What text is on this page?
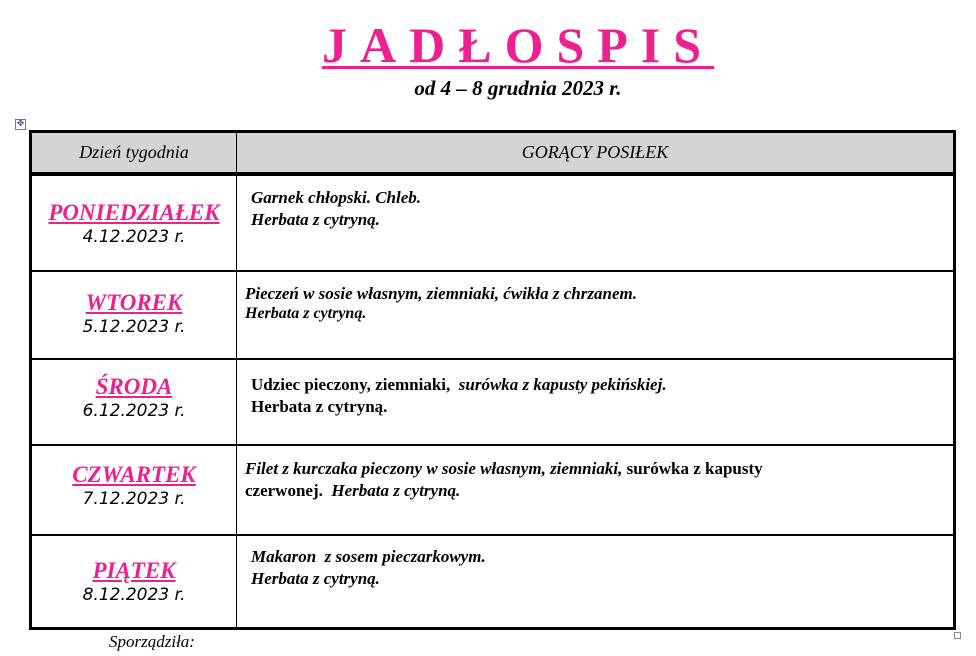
JADŁOSPIS
od 4 – 8 grudnia 2023 r.
✥
Dzień tygodnia	GORĄCY POSIŁEK
PONIEDZIAŁEK
4.12.2023 r.
Garnek chłopski. Chleb.
Herbata z cytryną.
WTOREK
5.12.2023 r.
Pieczeń w sosie własnym, ziemniaki, ćwikła z chrzanem.
Herbata z cytryną.
ŚRODA
6.12.2023 r.
Udziec pieczony, ziemniaki, surówka z kapusty pekińskiej.
Herbata z cytryną.
CZWARTEK
7.12.2023 r.
Filet z kurczaka pieczony w sosie własnym, ziemniaki, surówka z kapusty
czerwonej. Herbata z cytryną.
PIĄTEK
8.12.2023 r.
Makaron  z sosem pieczarkowym.
Herbata z cytryną.
Sporządziła:
